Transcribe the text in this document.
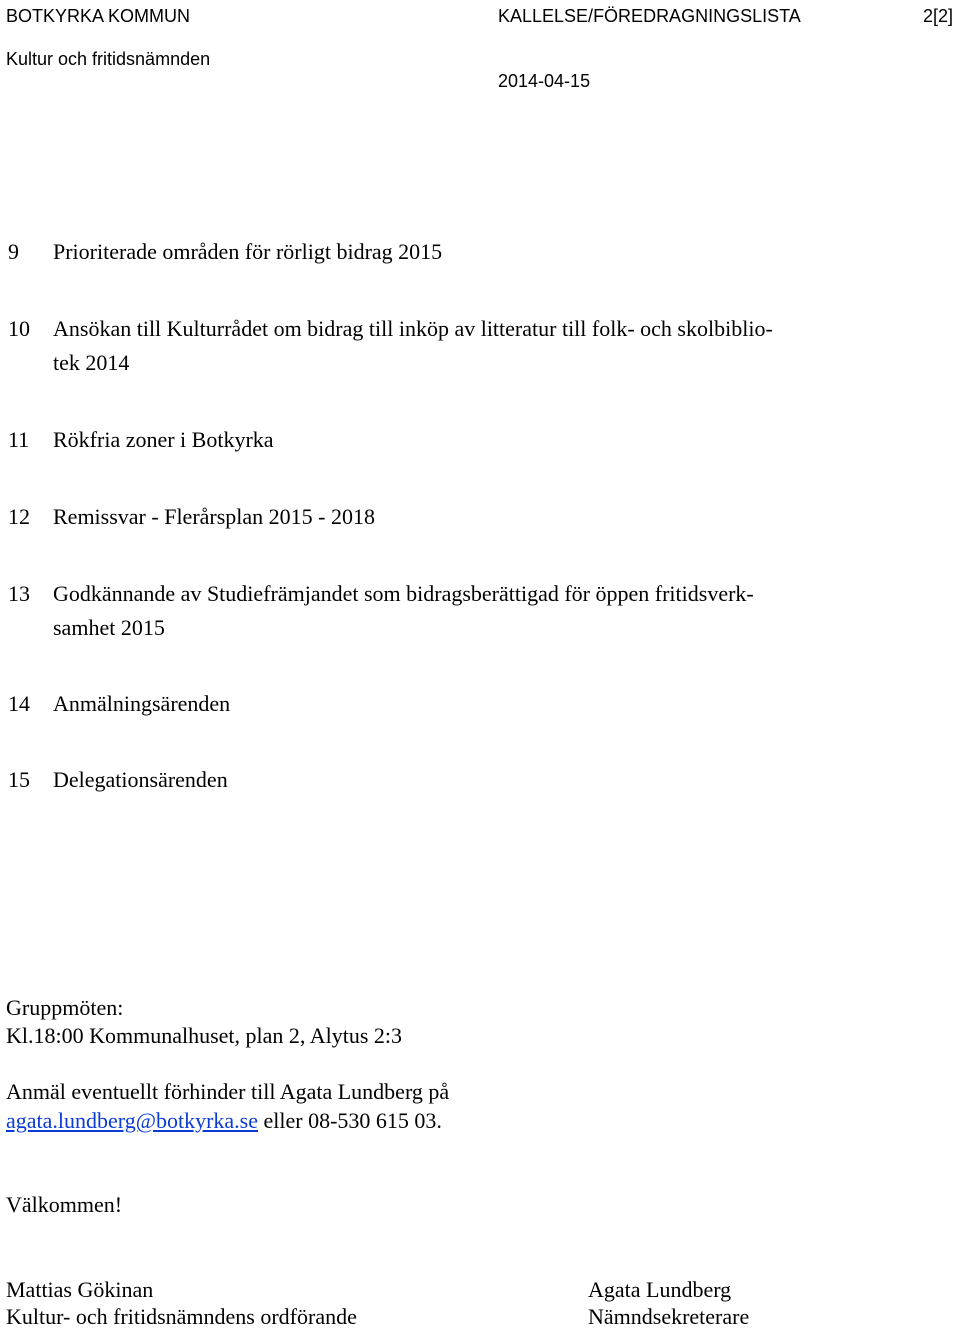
BOTKYRKA KOMMUN	KALLELSE/FÖREDRAGNINGSLISTA	2[2]
Kultur och fritidsnämnden
2014-04-15
9 Prioriterade områden för rörligt bidrag 2015
10 Ansökan till Kulturrådet om bidrag till inköp av litteratur till folk- och skolbiblio-
tek 2014
11 Rökfria zoner i Botkyrka
12 Remissvar - Flerårsplan 2015 - 2018
13 Godkännande av Studiefrämjandet som bidragsberättigad för öppen fritidsverk-
samhet 2015
14 Anmälningsärenden
15 Delegationsärenden
Gruppmöten:
Kl.18:00 Kommunalhuset, plan 2, Alytus 2:3
Anmäl eventuellt förhinder till Agata Lundberg på
agata.lundberg@botkyrka.se eller 08-530 615 03.
Välkommen!
Mattias Gökinan
Kultur- och fritidsnämndens ordförande
Agata Lundberg
Nämndsekreterare
